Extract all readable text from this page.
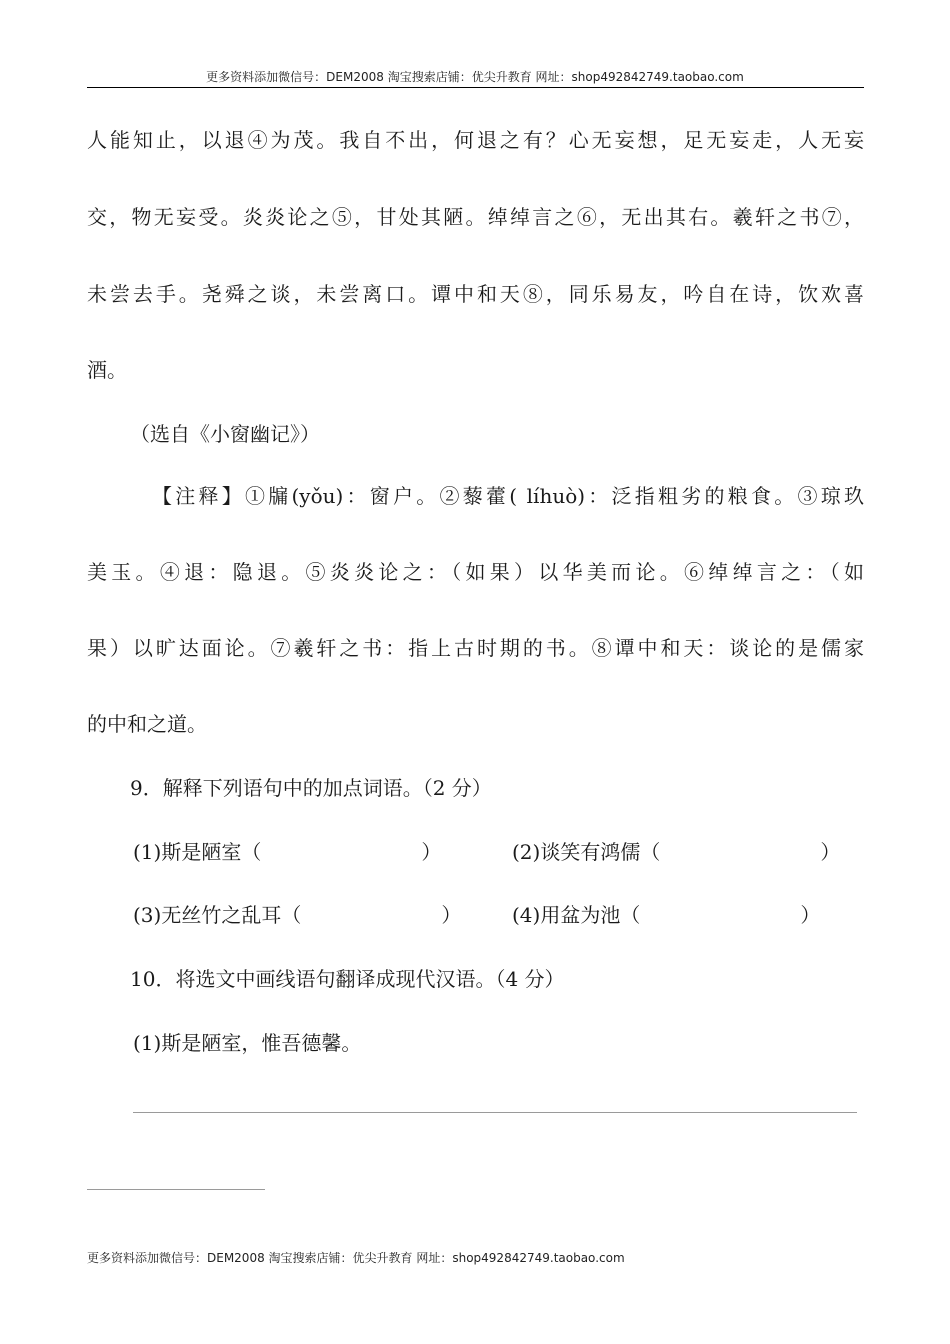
更多资料添加微信号：DEM2008 淘宝搜索店铺：优尖升教育 网址：shop492842749.taobao.com
人能知止，以退④为茂。我自不出，何退之有？心无妄想，足无妄走，人无妄
交，物无妄受。炎炎论之⑤，甘处其陋。绰绰言之⑥，无出其右。羲轩之书⑦，
未尝去手。尧舜之谈，未尝离口。谭中和天⑧，同乐易友，吟自在诗，饮欢喜
酒。
（选自《小窗幽记》）
【注释】①牖(yǒu)：窗户。②藜藿( líhuò)：泛指粗劣的粮食。③琼玖
美玉。④退：隐退。⑤炎炎论之：（如果）以华美而论。⑥绰绰言之：（如
果）以旷达面论。⑦羲轩之书：指上古时期的书。⑧谭中和天：谈论的是儒家
的中和之道。
9．解释下列语句中的加点词语。（2 分）
(1)斯是陋室（　　　　　　　　）	(2)谈笑有鸿儒（　　　　　　　　）
(3)无丝竹之乱耳（　　　　　　　）	(4)用盆为池（　　　　　　　　）
10．将选文中画线语句翻译成现代汉语。（4 分）
(1)斯是陋室，惟吾德馨。
更多资料添加微信号：DEM2008 淘宝搜索店铺：优尖升教育 网址：shop492842749.taobao.com
